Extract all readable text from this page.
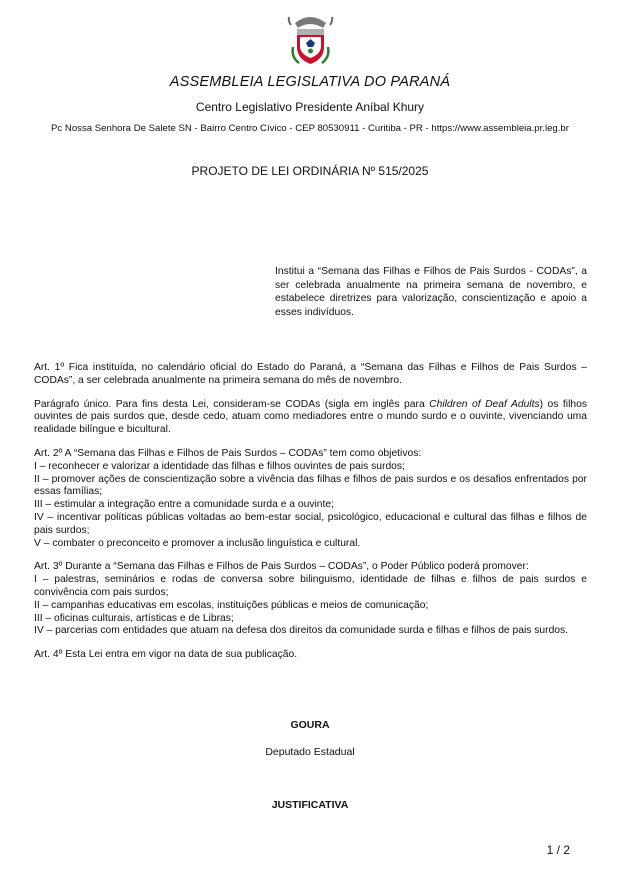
ASSEMBLEIA LEGISLATIVA DO PARANÁ
Centro Legislativo Presidente Aníbal Khury
Pc Nossa Senhora De Salete SN - Bairro Centro Cívico - CEP 80530911 - Curitiba - PR - https://www.assembleia.pr.leg.br
PROJETO DE LEI ORDINÁRIA Nº 515/2025
Institui a “Semana das Filhas e Filhos de Pais Surdos - CODAs”, a ser celebrada anualmente na primeira semana de novembro, e estabelece diretrizes para valorização, conscientização e apoio a esses indivíduos.

Art. 1º Fica instituída, no calendário oficial do Estado do Paraná, a “Semana das Filhas e Filhos de Pais Surdos – CODAs”, a ser celebrada anualmente na primeira semana do mês de novembro.

Parágrafo único. Para fins desta Lei, consideram-se CODAs (sigla em inglês para Children of Deaf Adults) os filhos ouvintes de pais surdos que, desde cedo, atuam como mediadores entre o mundo surdo e o ouvinte, vivenciando uma realidade bilíngue e bicultural.

Art. 2º A “Semana das Filhas e Filhos de Pais Surdos – CODAs” tem como objetivos:

I – reconhecer e valorizar a identidade das filhas e filhos ouvintes de pais surdos;

II – promover ações de conscientização sobre a vivência das filhas e filhos de pais surdos e os desafios enfrentados por essas famílias;

III – estimular a integração entre a comunidade surda e a ouvinte;

IV – incentivar políticas públicas voltadas ao bem-estar social, psicológico, educacional e cultural das filhas e filhos de pais surdos;

V – combater o preconceito e promover a inclusão linguística e cultural.

Art. 3º Durante a “Semana das Filhas e Filhos de Pais Surdos – CODAs”, o Poder Público poderá promover:

I – palestras, seminários e rodas de conversa sobre bilinguismo, identidade de filhas e filhos de pais surdos e convivência com pais surdos;

II – campanhas educativas em escolas, instituições públicas e meios de comunicação;

III – oficinas culturais, artísticas e de Libras;

IV – parcerias com entidades que atuam na defesa dos direitos da comunidade surda e filhas e filhos de pais surdos.

Art. 4º Esta Lei entra em vigor na data de sua publicação.

GOURA
Deputado Estadual
JUSTIFICATIVA
1 / 2
